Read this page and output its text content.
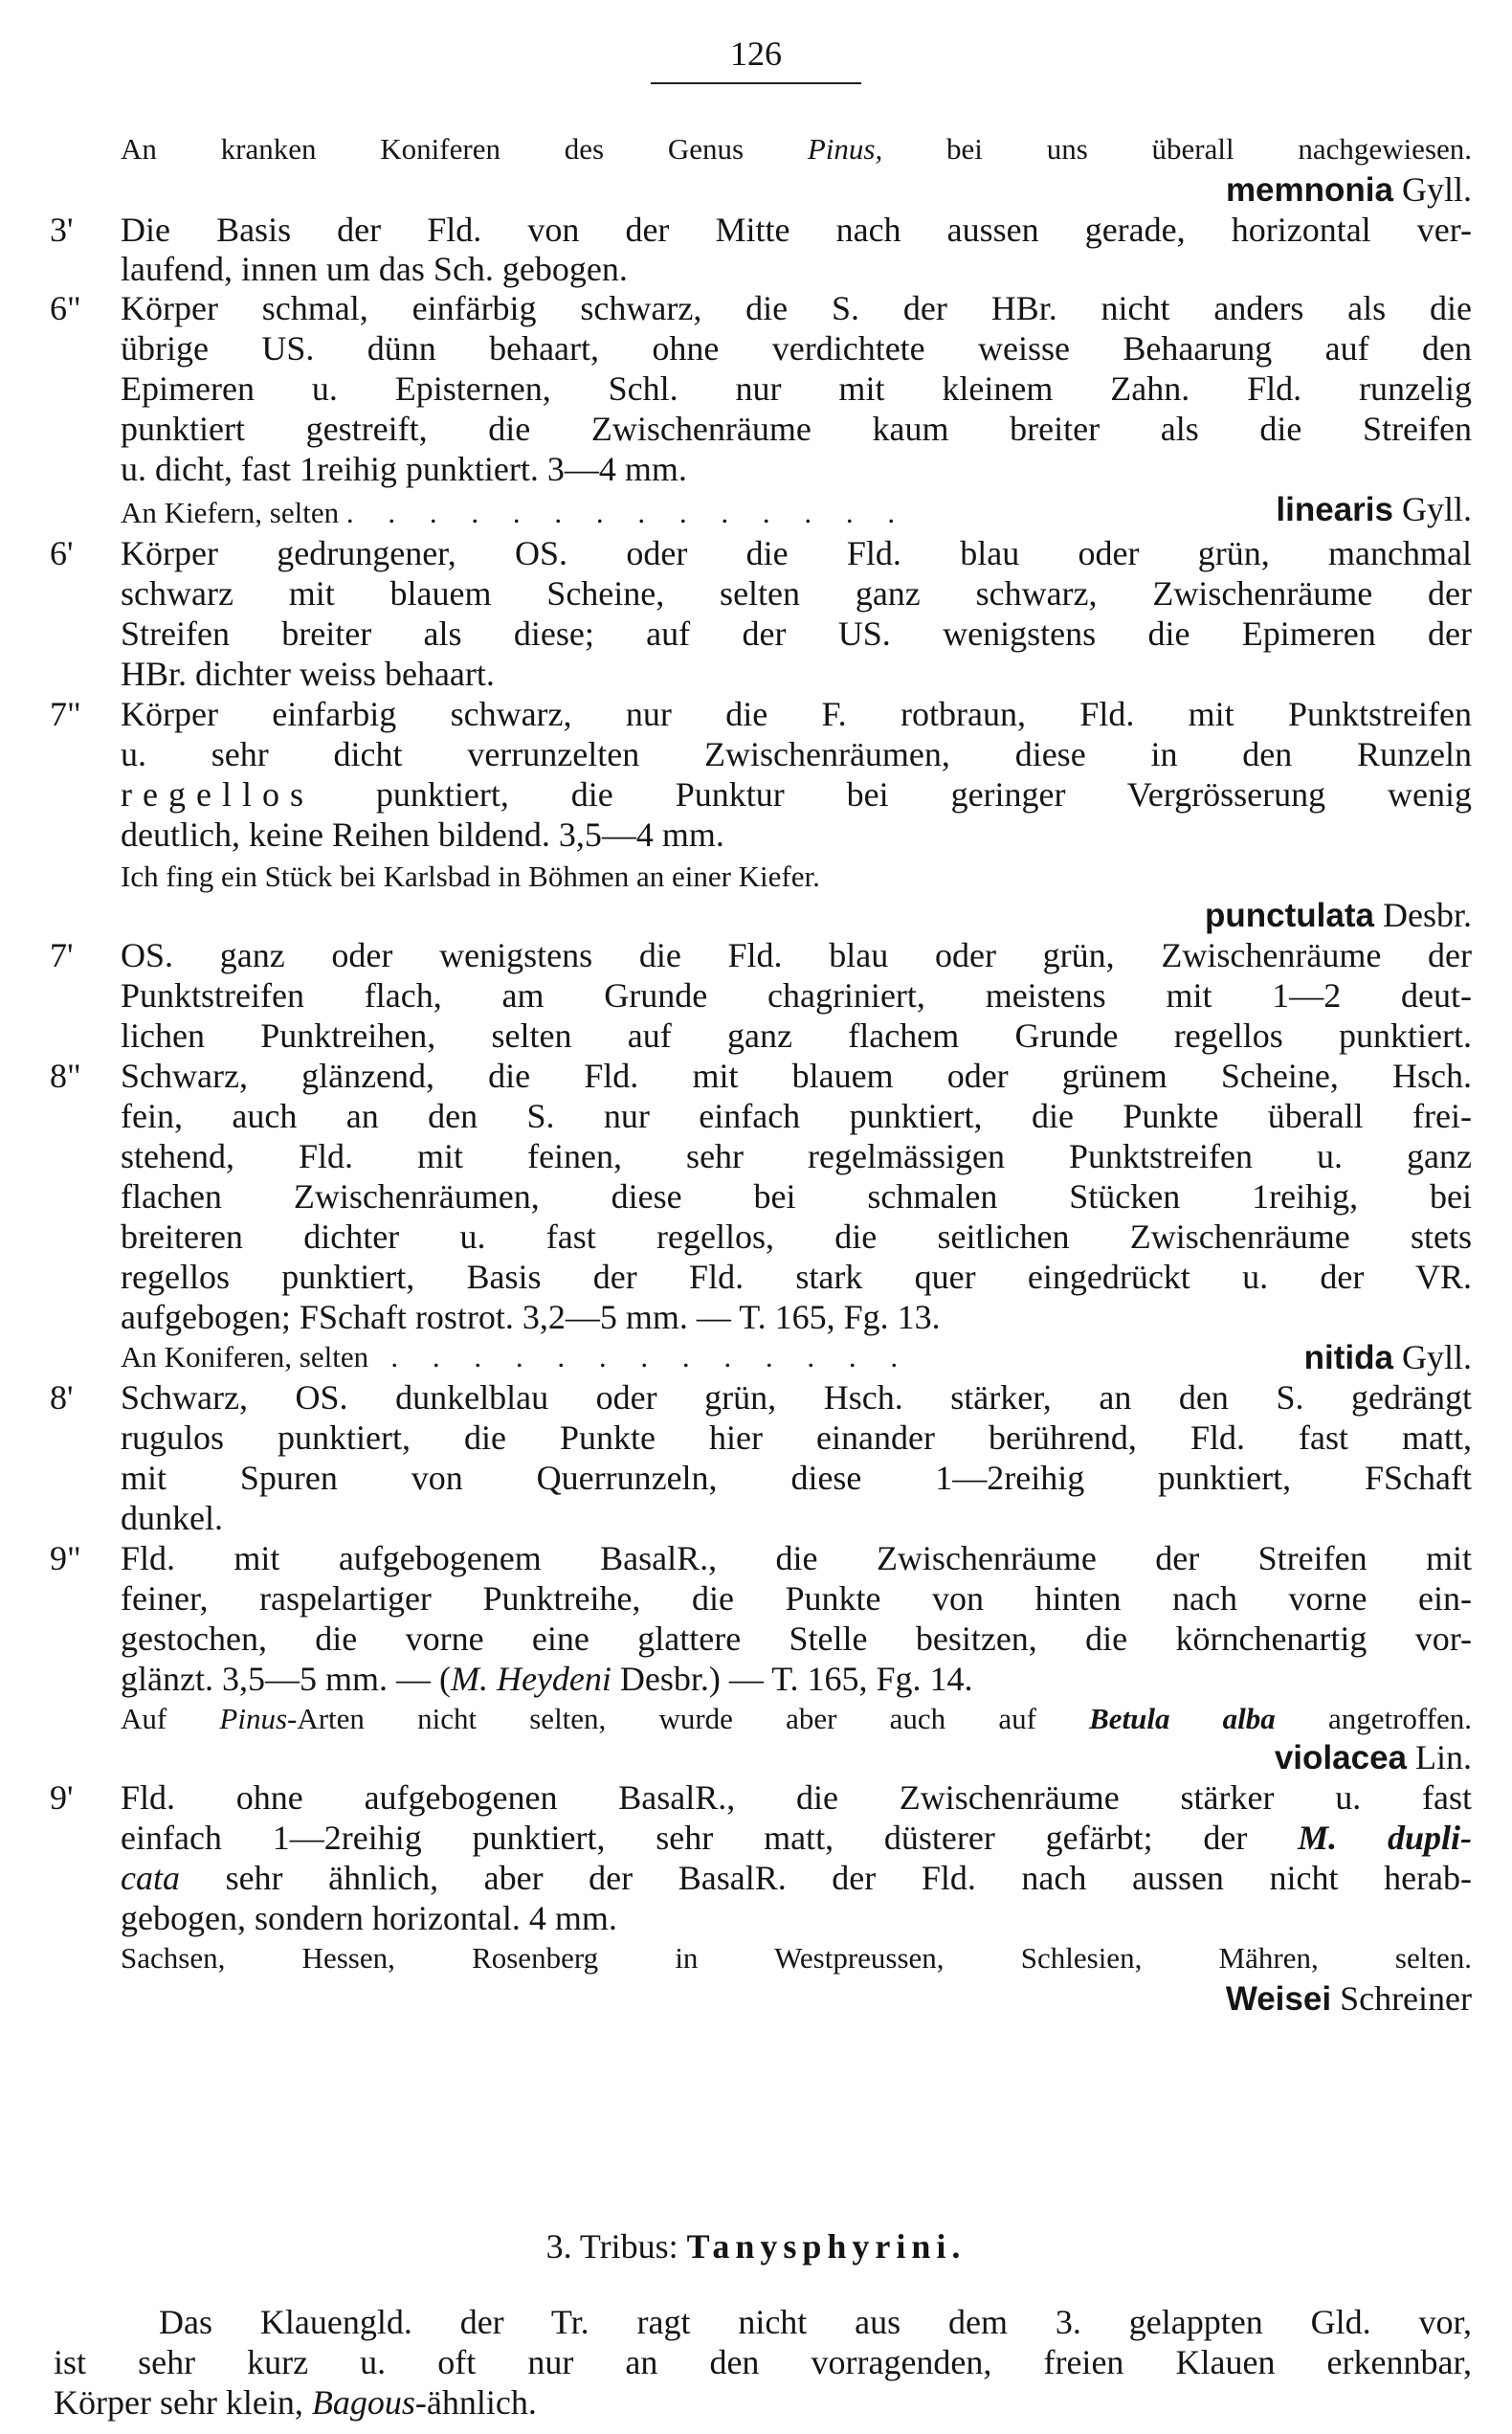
126
An kranken Koniferen des Genus Pinus, bei uns überall nachgewiesen.
memnonia Gyll.
3' Die Basis der Fld. von der Mitte nach aussen gerade, horizontal ver-
laufend, innen um das Sch. gebogen.
6" Körper schmal, einfärbig schwarz, die S. der HBr. nicht anders als die
übrige US. dünn behaart, ohne verdichtete weisse Behaarung auf den
Epimeren u. Episternen, Schl. nur mit kleinem Zahn. Fld. runzelig
punktiert gestreift, die Zwischenräume kaum breiter als die Streifen
u. dicht, fast 1reihig punktiert. 3—4 mm.
An Kiefern, selten . . . . . . . . . . . . . .	linearis Gyll.
6' Körper gedrungener, OS. oder die Fld. blau oder grün, manchmal
schwarz mit blauem Scheine, selten ganz schwarz, Zwischenräume der
Streifen breiter als diese; auf der US. wenigstens die Epimeren der
HBr. dichter weiss behaart.
7" Körper einfarbig schwarz, nur die F. rotbraun, Fld. mit Punktstreifen
u. sehr dicht verrunzelten Zwischenräumen, diese in den Runzeln
regellos punktiert, die Punktur bei geringer Vergrösserung wenig
deutlich, keine Reihen bildend. 3,5—4 mm.
Ich fing ein Stück bei Karlsbad in Böhmen an einer Kiefer.
punctulata Desbr.
7' OS. ganz oder wenigstens die Fld. blau oder grün, Zwischenräume der
Punktstreifen flach, am Grunde chagriniert, meistens mit 1—2 deut-
lichen Punktreihen, selten auf ganz flachem Grunde regellos punktiert.
8" Schwarz, glänzend, die Fld. mit blauem oder grünem Scheine, Hsch.
fein, auch an den S. nur einfach punktiert, die Punkte überall frei-
stehend, Fld. mit feinen, sehr regelmässigen Punktstreifen u. ganz
flachen Zwischenräumen, diese bei schmalen Stücken 1reihig, bei
breiteren dichter u. fast regellos, die seitlichen Zwischenräume stets
regellos punktiert, Basis der Fld. stark quer eingedrückt u. der VR.
aufgebogen; FSchaft rostrot. 3,2—5 mm. — T. 165, Fg. 13.
An Koniferen, selten . . . . . . . . . . . . .	nitida Gyll.
8' Schwarz, OS. dunkelblau oder grün, Hsch. stärker, an den S. gedrängt
rugulos punktiert, die Punkte hier einander berührend, Fld. fast matt,
mit Spuren von Querrunzeln, diese 1—2reihig punktiert, FSchaft
dunkel.
9" Fld. mit aufgebogenem BasalR., die Zwischenräume der Streifen mit
feiner, raspelartiger Punktreihe, die Punkte von hinten nach vorne ein-
gestochen, die vorne eine glattere Stelle besitzen, die körnchenartig vor-
glänzt. 3,5—5 mm. — (M. Heydeni Desbr.) — T. 165, Fg. 14.
Auf Pinus-Arten nicht selten, wurde aber auch auf Betula alba angetroffen.
violacea Lin.
9' Fld. ohne aufgebogenen BasalR., die Zwischenräume stärker u. fast
einfach 1—2reihig punktiert, sehr matt, düsterer gefärbt; der M. dupli-
cata sehr ähnlich, aber der BasalR. der Fld. nach aussen nicht herab-
gebogen, sondern horizontal. 4 mm.
Sachsen, Hessen, Rosenberg in Westpreussen, Schlesien, Mähren, selten.
Weisei Schreiner
3. Tribus: Tanysphyrini.
Das Klauengld. der Tr. ragt nicht aus dem 3. gelappten Gld. vor,
ist sehr kurz u. oft nur an den vorragenden, freien Klauen erkennbar,
Körper sehr klein, Bagous-ähnlich.
